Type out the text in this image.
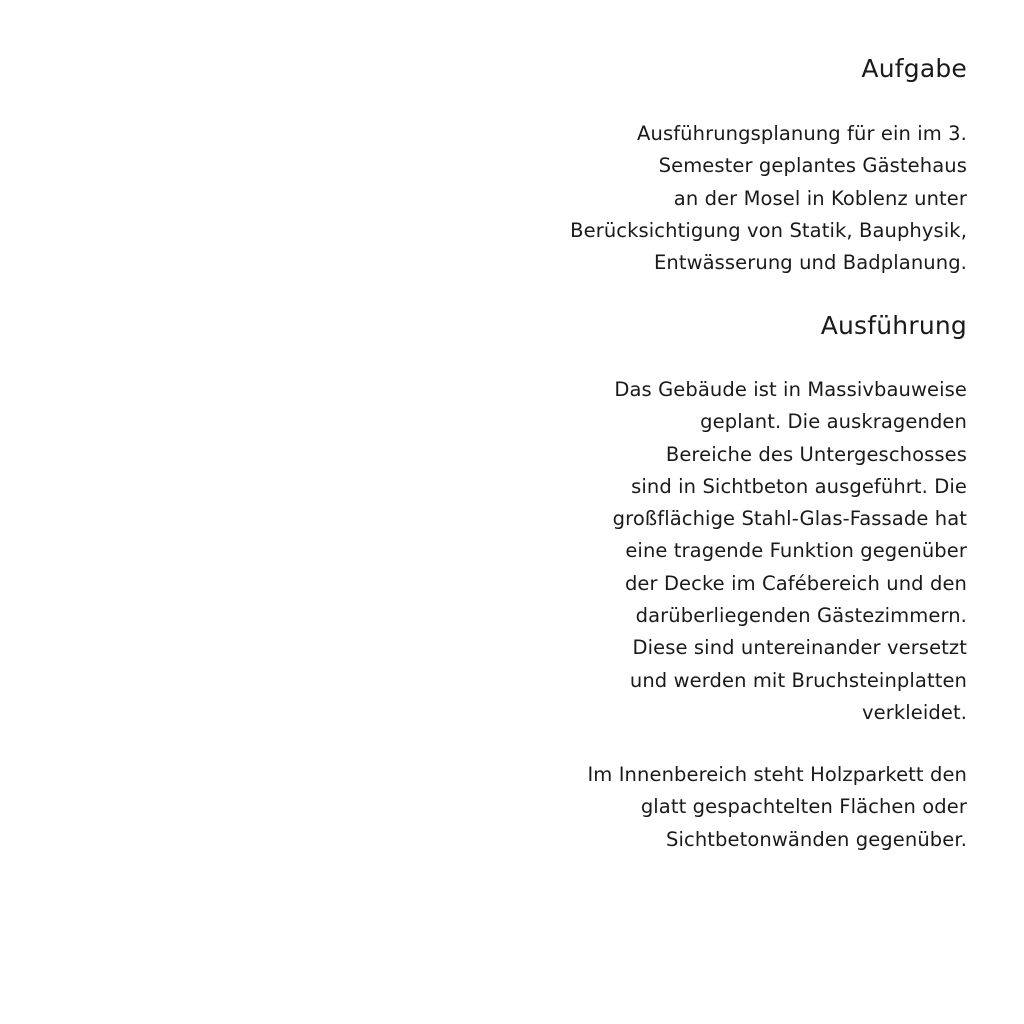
Aufgabe

Ausführungsplanung für ein im 3.
Semester geplantes Gästehaus
an der Mosel in Koblenz unter
Berücksichtigung von Statik, Bauphysik,
Entwässerung und Badplanung.

Ausführung

Das Gebäude ist in Massivbauweise
geplant. Die auskragenden
Bereiche des Untergeschosses
sind in Sichtbeton ausgeführt. Die
großflächige Stahl-Glas-Fassade hat
eine tragende Funktion gegenüber
der Decke im Cafébereich und den
darüberliegenden Gästezimmern.
Diese sind untereinander versetzt
und werden mit Bruchsteinplatten
verkleidet.

Im Innenbereich steht Holzparkett den
glatt gespachtelten Flächen oder
Sichtbetonwänden gegenüber.
